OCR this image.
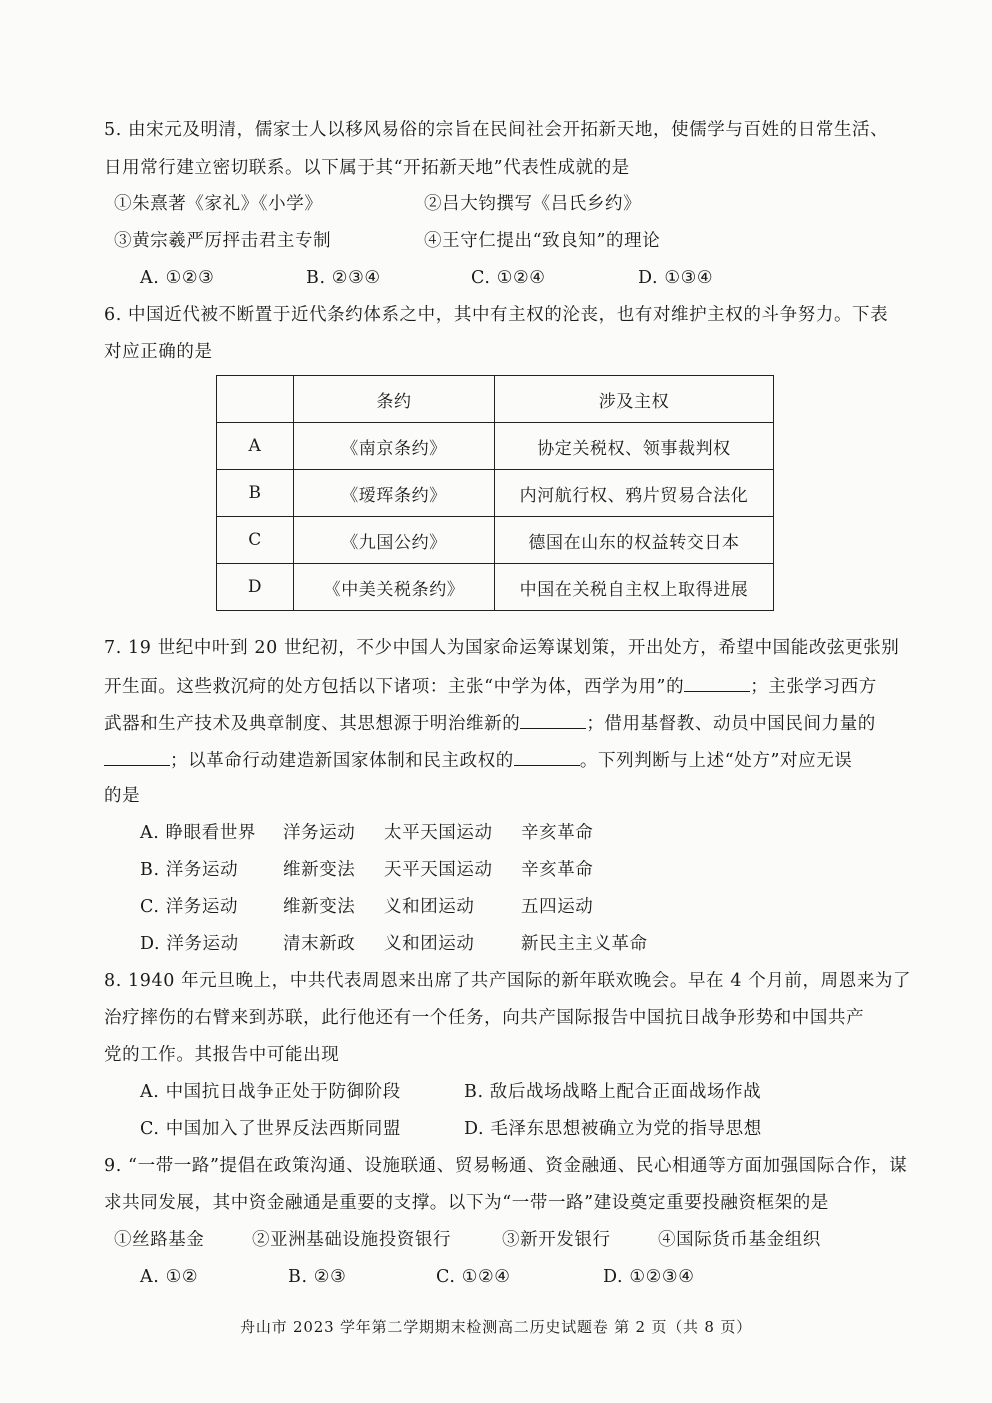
5. 由宋元及明清，儒家士人以移风易俗的宗旨在民间社会开拓新天地，使儒学与百姓的日常生活、
日用常行建立密切联系。以下属于其“开拓新天地”代表性成就的是
①朱熹著《家礼》《小学》	②吕大钧撰写《吕氏乡约》
③黄宗羲严厉抨击君主专制	④王守仁提出“致良知”的理论
A. ①②③	B. ②③④	C. ①②④	D. ①③④
6. 中国近代被不断置于近代条约体系之中，其中有主权的沦丧，也有对维护主权的斗争努力。下表
对应正确的是
	条约	涉及主权
A	《南京条约》	协定关税权、领事裁判权
B	《瑷珲条约》	内河航行权、鸦片贸易合法化
C	《九国公约》	德国在山东的权益转交日本
D	《中美关税条约》	中国在关税自主权上取得进展
7. 19 世纪中叶到 20 世纪初，不少中国人为国家命运筹谋划策，开出处方，希望中国能改弦更张别
开生面。这些救沉疴的处方包括以下诸项：主张“中学为体，西学为用”的	；主张学习西方
武器和生产技术及典章制度、其思想源于明治维新的	；借用基督教、动员中国民间力量的
；以革命行动建造新国家体制和民主政权的	。下列判断与上述“处方”对应无误
的是
A. 睁眼看世界 洋务运动 太平天国运动 辛亥革命
B. 洋务运动	维新变法 天平天国运动 辛亥革命
C. 洋务运动	维新变法 义和团运动	五四运动
D. 洋务运动	清末新政 义和团运动	新民主主义革命
8. 1940 年元旦晚上，中共代表周恩来出席了共产国际的新年联欢晚会。早在 4 个月前，周恩来为了
治疗摔伤的右臂来到苏联，此行他还有一个任务，向共产国际报告中国抗日战争形势和中国共产
党的工作。其报告中可能出现
A. 中国抗日战争正处于防御阶段	B. 敌后战场战略上配合正面战场作战
C. 中国加入了世界反法西斯同盟	D. 毛泽东思想被确立为党的指导思想
9. “一带一路”提倡在政策沟通、设施联通、贸易畅通、资金融通、民心相通等方面加强国际合作，谋
求共同发展，其中资金融通是重要的支撑。以下为“一带一路”建设奠定重要投融资框架的是
①丝路基金	②亚洲基础设施投资银行	③新开发银行	④国际货币基金组织
A. ①②	B. ②③	C. ①②④	D. ①②③④
舟山市 2023 学年第二学期期末检测高二历史试题卷 第 2 页（共 8 页）
